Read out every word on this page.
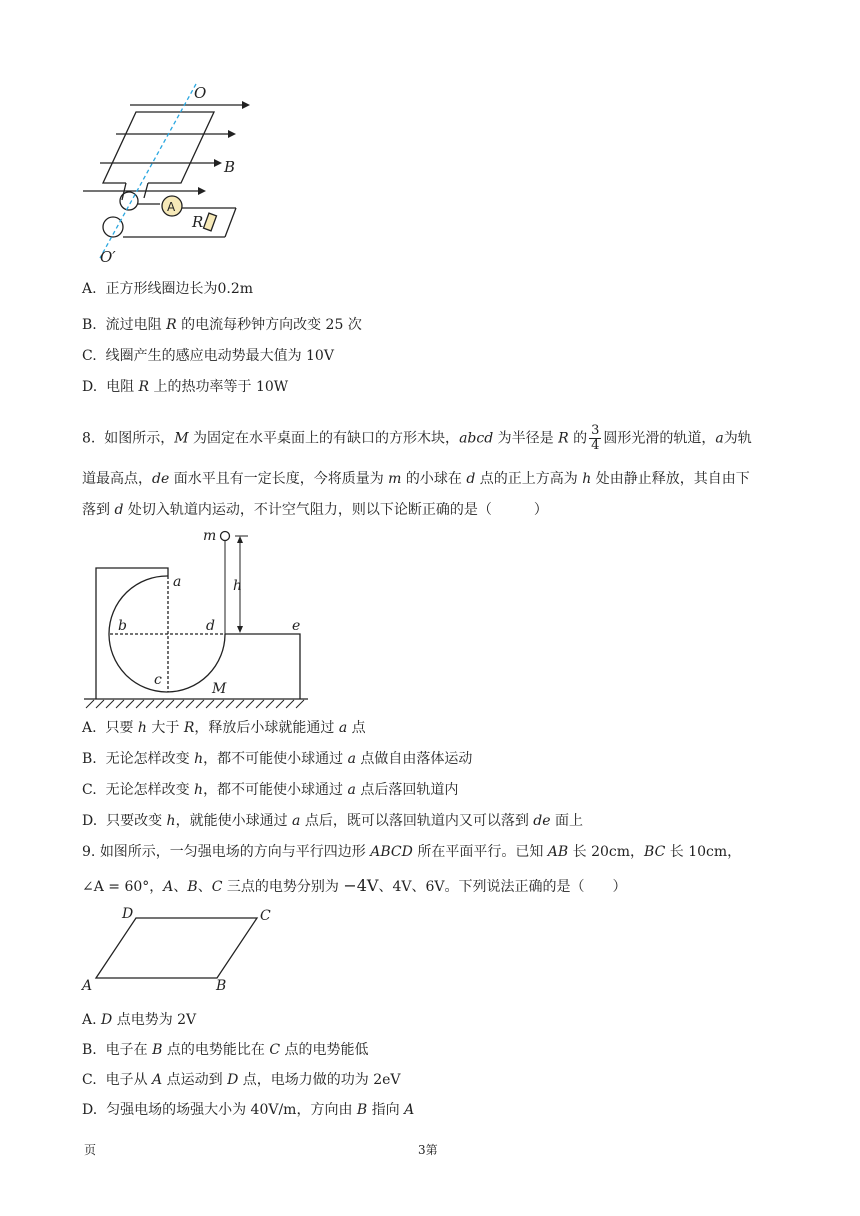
O
B
R
O′
A
A. 正方形线圈边长为0.2m
B. 流过电阻 R 的电流每秒钟方向改变 25 次
C. 线圈产生的感应电动势最大值为 10V
D. 电阻 R 上的热功率等于 10W
8. 如图所示，M 为固定在水平桌面上的有缺口的方形木块，abcd 为半径是 R 的 $\frac{3}{4}$ 圆形光滑的轨道，a为轨
道最高点，de 面水平且有一定长度，今将质量为 m 的小球在 d 点的正上方高为 h 处由静止释放，其自由下
落到 d 处切入轨道内运动，不计空气阻力，则以下论断正确的是（　　　）
m
h
a
b	d	e
c
M
A. 只要 h 大于 R，释放后小球就能通过 a 点
B. 无论怎样改变 h，都不可能使小球通过 a 点做自由落体运动
C. 无论怎样改变 h，都不可能使小球通过 a 点后落回轨道内
D. 只要改变 h，就能使小球通过 a 点后，既可以落回轨道内又可以落到 de 面上
9. 如图所示，一匀强电场的方向与平行四边形 ABCD 所在平面平行。已知 AB 长 20cm，BC 长 10cm，
∠A = 60°，A、B、C 三点的电势分别为 −4V、4V、6V。下列说法正确的是（　　）
A	B
C
D
A. D 点电势为 2V
B. 电子在 B 点的电势能比在 C 点的电势能低
C. 电子从 A 点运动到 D 点，电场力做的功为 2eV
D. 匀强电场的场强大小为 40V/m，方向由 B 指向 A
页	3第
